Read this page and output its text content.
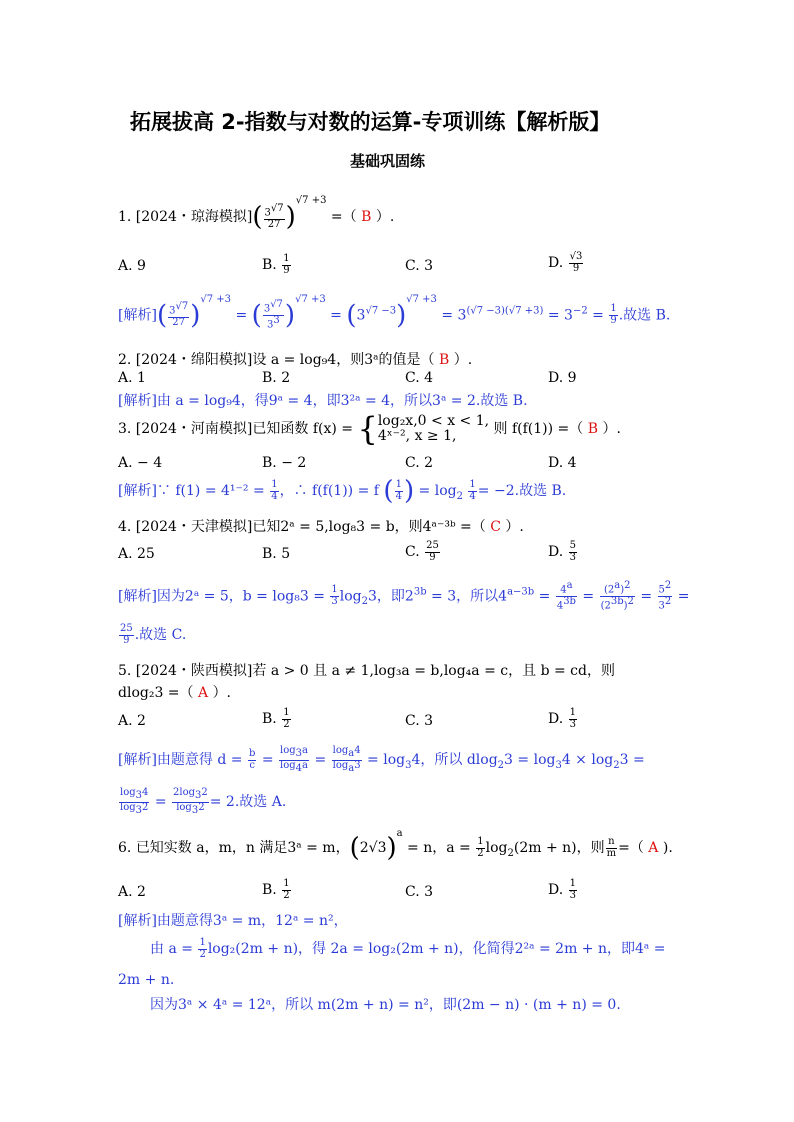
拓展拔高 2-指数与对数的运算-专项训练【解析版】
基础巩固练
1. [2024・琼海模拟]( $\frac{3^{√7}}{27} )^{√7 +3}$ =（ B ）.
A. 9	B. $\frac{1}{9}$	C. 3	D. $\frac{√3}{9}$
[解析]( $\frac{3^{√7}}{27} )^{√7 +3}$ = ( $\frac{3^{√7}}{3^3} )^{√7 +3} = (3^{√7 -3})^{√7 +3} = 3^{(√7 -3)(√7 +3)} = 3^{-2} = \frac{1}{9}$ .故选 B.
2. [2024・绵阳模拟]设 a = log₉4，则3ᵃ的值是（ B ）.
A. 1	B. 2	C. 4	D. 9
[解析]由 a = log₉4，得9ᵃ = 4，即3²ᵃ = 4，所以3ᵃ = 2.故选 B.
3. [2024・河南模拟]已知函数 f(x) = {log₂x,0 < x < 1,
4ˣ⁻², x ≥ 1,	则 f(f(1)) =（ B ）.
A. − 4	B. − 2	C. 2	D. 4
[解析]∵ $f(1) = 4^{1-2} = \frac{1}{4}$ ，∴ f(f(1)) = f ( $\frac{1}{4}$ ) = $\log_2 \frac{1}{4} = -2$.故选 B.
4. [2024・天津模拟]已知2ᵃ = 5,log₈3 = b，则4ᵃ⁻³ᵇ =（ C ）.
A. 25	B. 5	C. $\frac{25}{9}$	D. $\frac{5}{3}$
[解析]因为2ᵃ = 5，$b = \log_83 = \frac{1}{3} \log_23$，即$2^{3b} = 3$，所以$4^{a-3b} = \frac{4^a}{4^{3b}} = \frac{(2^a)^2}{(2^{3b})^2} = \frac{5^2}{3^2}$ =
$\frac{25}{9}$ .故选 C.
5. [2024・陕西模拟]若 a > 0 且 a ≠ 1,log₃a = b,log₄a = c，且 b = cd，则
dlog₂3 =（ A ）.
A. 2	B. $\frac{1}{2}$	C. 3	D. $\frac{1}{3}$
[解析]由题意得 $d = \frac{b}{c} = \frac{\log_3a}{\log_4a} = \frac{\log_a4}{\log_a3} = \log_34$，所以 $dlog_23 = \log_34 \times \log_23$ =
$\frac{\log_34}{\log_32} = \frac{2\log_32}{\log_32} = 2$.故选 A.
6. 已知实数 a，m，n 满足3ᵃ = m，$(2√3)^a = n$，$a = \frac{1}{2} \log_2(2m + n)$，则 $\frac{n}{m}$ =（ A ).
A. 2	B. $\frac{1}{2}$	C. 3	D. $\frac{1}{3}$
[解析]由题意得3ᵃ = m，12ᵃ = n²，
由 $a = \frac{1}{2} \log_2(2m + n)$，得 2a = log₂(2m + n)，化简得2²ᵃ = 2m + n，即4ᵃ =
2m + n.
因为3ᵃ × 4ᵃ = 12ᵃ，所以 m(2m + n) = n²，即(2m − n) · (m + n) = 0.
